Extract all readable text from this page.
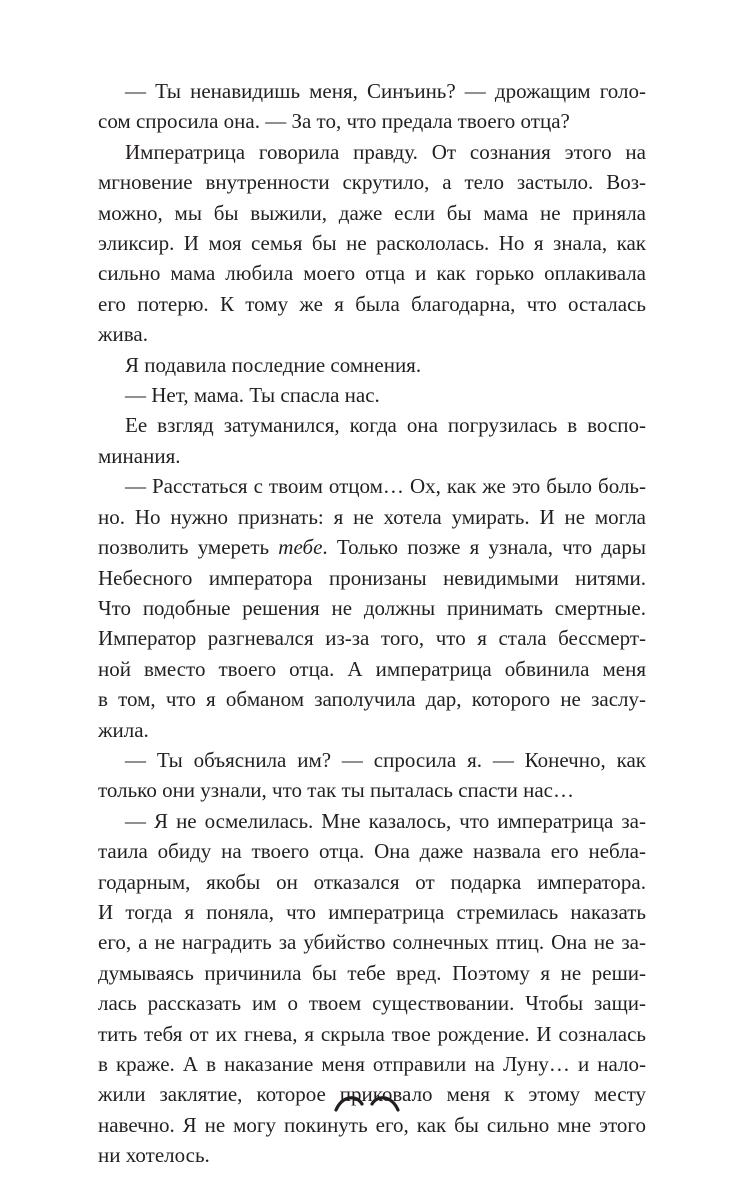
— Ты ненавидишь меня, Синъинь? — дрожащим голо-
сом спросила она. — За то, что предала твоего отца?

Императрица говорила правду. От сознания этого на
мгновение внутренности скрутило, а тело застыло. Воз-
можно, мы бы выжили, даже если бы мама не приняла
эликсир. И моя семья бы не раскололась. Но я знала, как
сильно мама любила моего отца и как горько оплакивала
его потерю. К тому же я была благодарна, что осталась
жива.

Я подавила последние сомнения.

— Нет, мама. Ты спасла нас.

Ее взгляд затуманился, когда она погрузилась в воспо-
минания.

— Расстаться с твоим отцом… Ох, как же это было боль-
но. Но нужно признать: я не хотела умирать. И не могла
позволить умереть тебе. Только позже я узнала, что дары
Небесного императора пронизаны невидимыми нитями.
Что подобные решения не должны принимать смертные.
Император разгневался из-за того, что я стала бессмерт-
ной вместо твоего отца. А императрица обвинила меня
в том, что я обманом заполучила дар, которого не заслу-
жила.

— Ты объяснила им? — спросила я. — Конечно, как
только они узнали, что так ты пыталась спасти нас…

— Я не осмелилась. Мне казалось, что императрица за-
таила обиду на твоего отца. Она даже назвала его небла-
годарным, якобы он отказался от подарка императора.
И тогда я поняла, что императрица стремилась наказать
его, а не наградить за убийство солнечных птиц. Она не за-
думываясь причинила бы тебе вред. Поэтому я не реши-
лась рассказать им о твоем существовании. Чтобы защи-
тить тебя от их гнева, я скрыла твое рождение. И созналась
в краже. А в наказание меня отправили на Луну… и нало-
жили заклятие, которое приковало меня к этому месту
навечно. Я не могу покинуть его, как бы сильно мне этого
ни хотелось.
